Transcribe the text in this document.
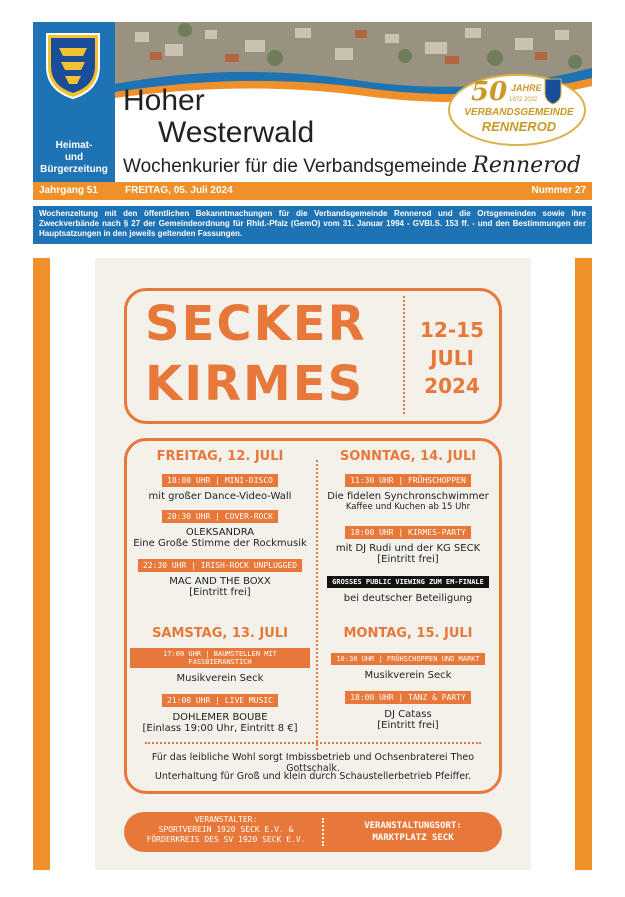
Heimat-
und
Bürgerzeitung
Hoher
Westerwald
Wochenkurier für die Verbandsgemeinde Rennerod
50 JAHRE
1972 2022
VERBANDSGEMEINDE
RENNEROD
Jahrgang 51	FREITAG, 05. Juli 2024	Nummer 27
Wochenzeitung mit den öffentlichen Bekanntmachungen für die Verbandsgemeinde Rennerod und die Ortsgemeinden sowie ihre Zweckverbände nach § 27 der Gemeindeordnung für Rhld.-Pfalz (GemO) vom 31. Januar 1994 - GVBl.S. 153 ff. - und den Bestimmungen der Hauptsatzungen in den jeweils geltenden Fassungen.
SECKER
KIRMES
12-15
JULI
2024
FREITAG, 12. JULI
18:00 UHR | MINI-DISCO
mit großer Dance-Video-Wall
20:30 UHR | COVER-ROCK
OLEKSANDRA
Eine Große Stimme der Rockmusik
22:30 UHR | IRISH-ROCK UNPLUGGED
MAC AND THE BOXX
[Eintritt frei]
SAMSTAG, 13. JULI
17:00 UHR | BAUMSTELLEN MIT FASSBIERANSTICH
Musikverein Seck
21:00 UHR | LIVE MUSIC
DOHLEMER BOUBE
[Einlass 19:00 Uhr, Eintritt 8 €]
SONNTAG, 14. JULI
11:30 UHR | FRÜHSCHOPPEN
Die fidelen Synchronschwimmer
Kaffee und Kuchen ab 15 Uhr
18:00 UHR | KIRMES-PARTY
mit DJ Rudi und der KG SECK
[Eintritt frei]
GROSSES PUBLIC VIEWING ZUM EM-FINALE
bei deutscher Beteiligung
MONTAG, 15. JULI
10:30 UHR | FRÜHSCHOPPEN UND MARKT
Musikverein Seck
18:00 UHR | TANZ & PARTY
DJ Catass
[Eintritt frei]
Für das leibliche Wohl sorgt Imbissbetrieb und Ochsenbraterei Theo Gottschalk.
Unterhaltung für Groß und klein durch Schaustellerbetrieb Pfeiffer.
VERANSTALTER:
SPORTVEREIN 1920 SECK E.V. &
FÖRDERKREIS DES SV 1920 SECK E.V.
VERANSTALTUNGSORT:
MARKTPLATZ SECK
